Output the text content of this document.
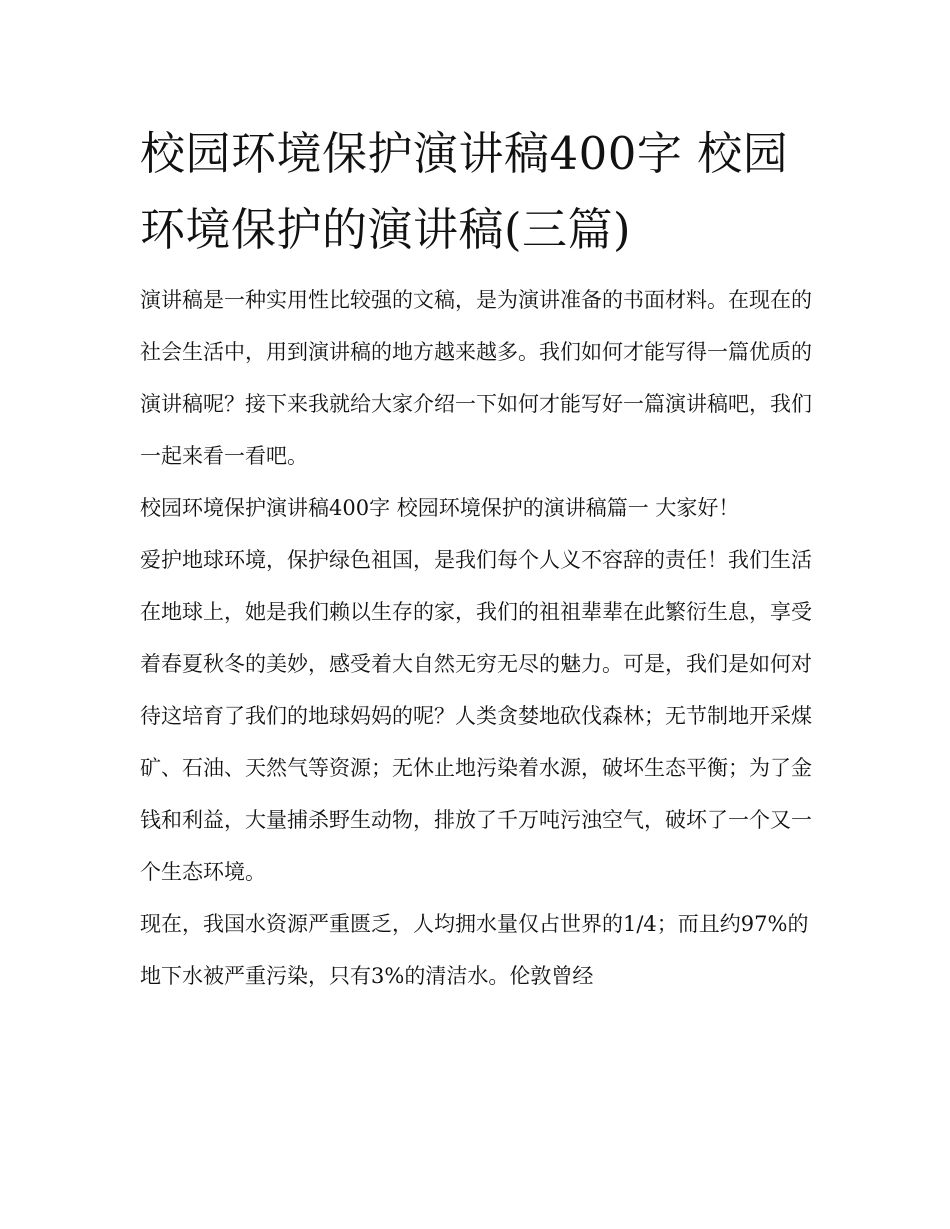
校园环境保护演讲稿400字 校园环境保护的演讲稿(三篇)

演讲稿是一种实用性比较强的文稿，是为演讲准备的书面材料。在现在的社会生活中，用到演讲稿的地方越来越多。我们如何才能写得一篇优质的演讲稿呢？接下来我就给大家介绍一下如何才能写好一篇演讲稿吧，我们一起来看一看吧。

校园环境保护演讲稿400字 校园环境保护的演讲稿篇一 大家好！

爱护地球环境，保护绿色祖国，是我们每个人义不容辞的责任！我们生活在地球上，她是我们赖以生存的家，我们的祖祖辈辈在此繁衍生息，享受着春夏秋冬的美妙，感受着大自然无穷无尽的魅力。可是，我们是如何对待这培育了我们的地球妈妈的呢？人类贪婪地砍伐森林；无节制地开采煤矿、石油、天然气等资源；无休止地污染着水源，破坏生态平衡；为了金钱和利益，大量捕杀野生动物，排放了千万吨污浊空气，破坏了一个又一个生态环境。

现在，我国水资源严重匮乏，人均拥水量仅占世界的1/4；而且约97%的地下水被严重污染，只有3%的清洁水。伦敦曾经
